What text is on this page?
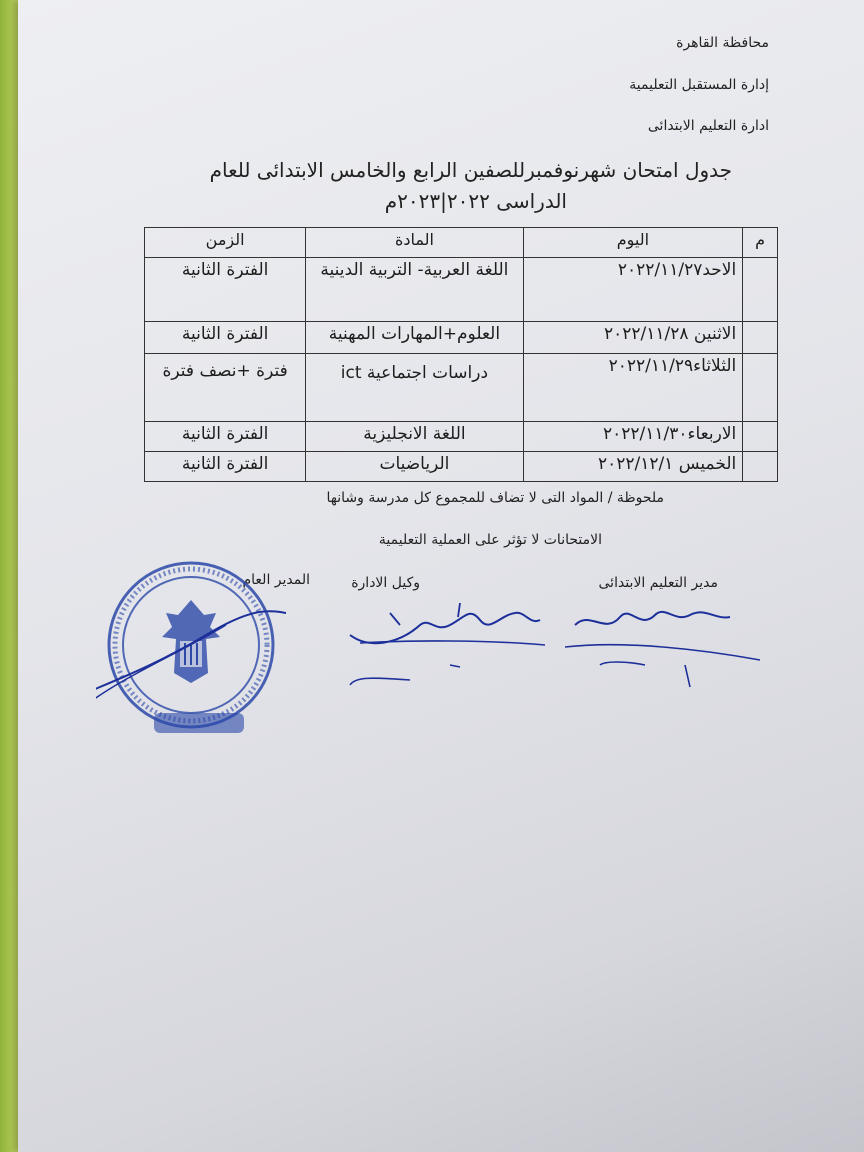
محافظة القاهرة
إدارة المستقبل التعليمية
ادارة التعليم الابتدائى
جدول امتحان شهرنوفمبرللصفين الرابع والخامس الابتدائى للعام
الدراسى ٢٠٢٢|٢٠٢٣م
م	اليوم	المادة	الزمن
	الاحد٢٠٢٢/١١/٢٧	اللغة العربية- التربية الدينية	الفترة الثانية
	الاثنين ٢٠٢٢/١١/٢٨	العلوم+المهارات المهنية	الفترة الثانية
	الثلاثاء٢٠٢٢/١١/٢٩	دراسات اجتماعية ict	فترة +نصف فترة
	الاربعاء٢٠٢٢/١١/٣٠	اللغة الانجليزية	الفترة الثانية
	الخميس ٢٠٢٢/١٢/١	الرياضيات	الفترة الثانية
ملحوظة / المواد التى لا تضاف للمجموع كل مدرسة وشانها
الامتحانات لا تؤثر على العملية التعليمية
مدير التعليم الابتدائى
وكيل الادارة
المدير العام
